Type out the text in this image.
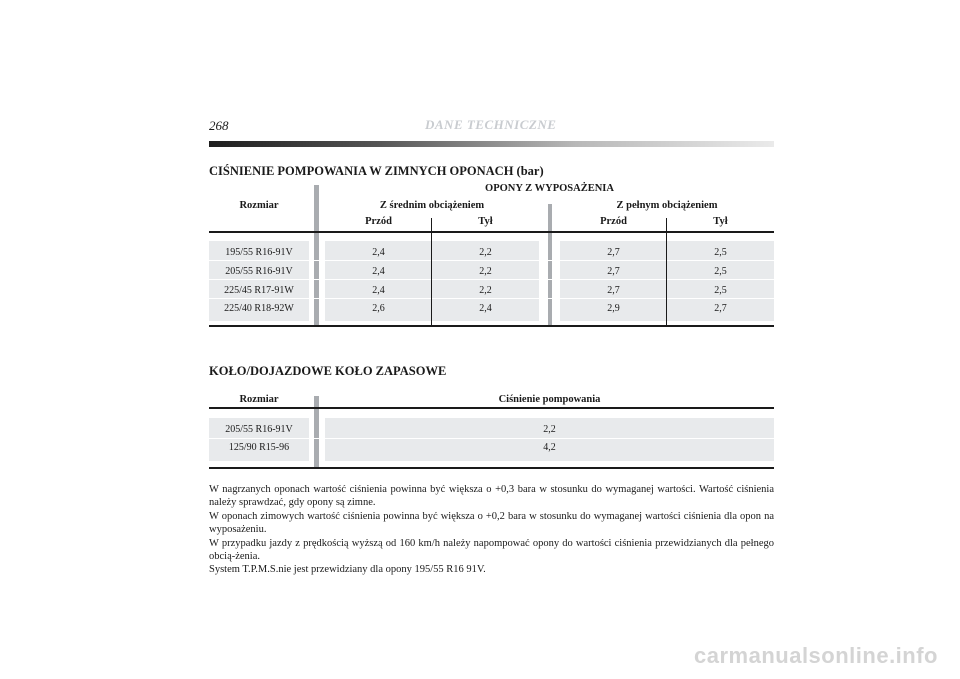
268	DANE TECHNICZNE
CIŚNIENIE POMPOWANIA W ZIMNYCH OPONACH (bar)
Rozmiar
OPONY Z WYPOSAŻENIA
Z średnim obciążeniem	Z pełnym obciążeniem
Przód	Tył	Przód	Tył
195/55 R16-91V	2,4	2,2	2,7	2,5
205/55 R16-91V	2,4	2,2	2,7	2,5
225/45 R17-91W	2,4	2,2	2,7	2,5
225/40 R18-92W	2,6	2,4	2,9	2,7
KOŁO/DOJAZDOWE KOŁO ZAPASOWE
Rozmiar	Ciśnienie pompowania
205/55 R16-91V	2,2
125/90 R15-96	4,2

W nagrzanych oponach wartość ciśnienia powinna być większa o +0,3 bara w stosunku do wymaganej wartości. Wartość ciśnienia należy sprawdzać, gdy opony są zimne.

W oponach zimowych wartość ciśnienia powinna być większa o +0,2 bara w stosunku do wymaganej wartości ciśnienia dla opon na wyposażeniu.

W przypadku jazdy z prędkością wyższą od 160 km/h należy napompować opony do wartości ciśnienia przewidzianych dla pełnego obcią-żenia.

System T.P.M.S.nie jest przewidziany dla opony 195/55 R16 91V.

carmanualsonline.info
